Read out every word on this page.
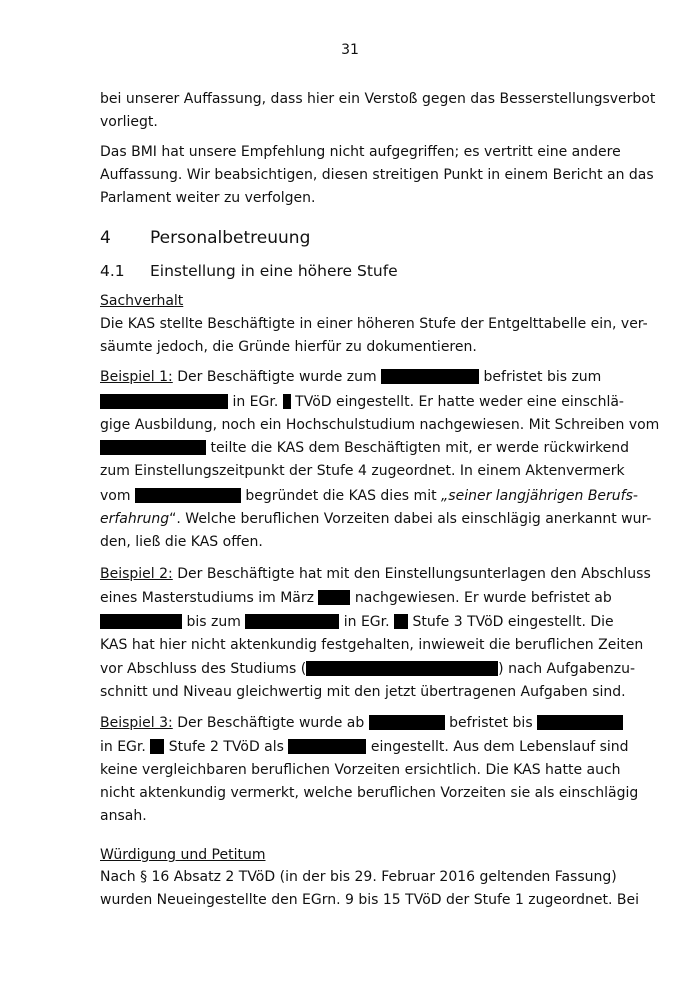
31
bei unserer Auffassung, dass hier ein Verstoß gegen das Besserstellungsverbot
vorliegt.
Das BMI hat unsere Empfehlung nicht aufgegriffen; es vertritt eine andere
Auffassung. Wir beabsichtigen, diesen streitigen Punkt in einem Bericht an das
Parlament weiter zu verfolgen.
4 Personalbetreuung
4.1 Einstellung in eine höhere Stufe
Sachverhalt
Die KAS stellte Beschäftigte in einer höheren Stufe der Entgelttabelle ein, ver-
säumte jedoch, die Gründe hierfür zu dokumentieren.
Beispiel 1: Der Beschäftigte wurde zum	befristet bis zum
in EGr.  TVöD eingestellt. Er hatte weder eine einschlä-
gige Ausbildung, noch ein Hochschulstudium nachgewiesen. Mit Schreiben vom
teilte die KAS dem Beschäftigten mit, er werde rückwirkend
zum Einstellungszeitpunkt der Stufe 4 zugeordnet. In einem Aktenvermerk
vom	begründet die KAS dies mit „seiner langjährigen Berufs-
erfahrung“. Welche beruflichen Vorzeiten dabei als einschlägig anerkannt wur-
den, ließ die KAS offen.
Beispiel 2: Der Beschäftigte hat mit den Einstellungsunterlagen den Abschluss
eines Masterstudiums im März  nachgewiesen. Er wurde befristet ab
bis zum	in EGr.  Stufe 3 TVöD eingestellt. Die
KAS hat hier nicht aktenkundig festgehalten, inwieweit die beruflichen Zeiten
vor Abschluss des Studiums (	) nach Aufgabenzu-
schnitt und Niveau gleichwertig mit den jetzt übertragenen Aufgaben sind.
Beispiel 3: Der Beschäftigte wurde ab	befristet bis
in EGr.  Stufe 2 TVöD als	eingestellt. Aus dem Lebenslauf sind
keine vergleichbaren beruflichen Vorzeiten ersichtlich. Die KAS hatte auch
nicht aktenkundig vermerkt, welche beruflichen Vorzeiten sie als einschlägig
ansah.
Würdigung und Petitum
Nach § 16 Absatz 2 TVöD (in der bis 29. Februar 2016 geltenden Fassung)
wurden Neueingestellte den EGrn. 9 bis 15 TVöD der Stufe 1 zugeordnet. Bei
